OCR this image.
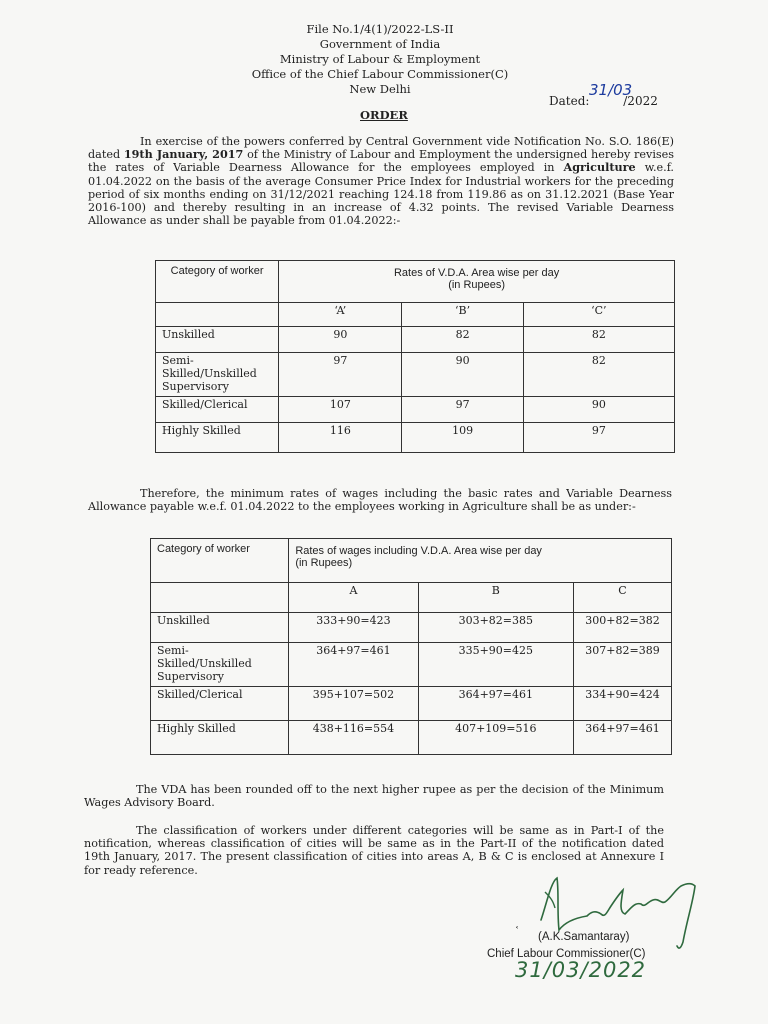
File No.1/4(1)/2022-LS-II
Government of India
Ministry of Labour & Employment
Office of the Chief Labour Commissioner(C)
New Delhi
ORDER
Dated:	/2022
31/03
In exercise of the powers conferred by Central Government vide Notification No. S.O. 186(E) dated 19th January, 2017 of the Ministry of Labour and Employment the undersigned hereby revises the rates of Variable Dearness Allowance for the employees employed in Agriculture w.e.f. 01.04.2022 on the basis of the average Consumer Price Index for Industrial workers for the preceding period of six months ending on 31/12/2021 reaching 124.18 from 119.86 as on 31.12.2021 (Base Year 2016-100) and thereby resulting in an increase of 4.32 points. The revised Variable Dearness Allowance as under shall be payable from 01.04.2022:-
Category of worker	Rates of V.D.A. Area wise per day
(in Rupees)		

	‘A’	‘B’	‘C’
Unskilled	90	82	82
Semi-Skilled/Unskilled Supervisory	97	90	82
Skilled/Clerical	107	97	90
Highly Skilled	116	109	97
Therefore, the minimum rates of wages including the basic rates and Variable Dearness Allowance payable w.e.f. 01.04.2022 to the employees working in Agriculture shall be as under:-
Category of worker	Rates of wages including V.D.A. Area wise per day
(in Rupees)		

	A	B	C
Unskilled	333+90=423	303+82=385	300+82=382
Semi-Skilled/Unskilled Supervisory	364+97=461	335+90=425	307+82=389
Skilled/Clerical	395+107=502	364+97=461	334+90=424
Highly Skilled	438+116=554	407+109=516	364+97=461
The VDA has been rounded off to the next higher rupee as per the decision of the Minimum Wages Advisory Board.
The classification of workers under different categories will be same as in Part-I of the notification, whereas classification of cities will be same as in the Part-II of the notification dated 19th January, 2017. The present classification of cities into areas A, B & C is enclosed at Annexure I for ready reference.
˂
(A.K.Samantaray)
Chief Labour Commissioner(C)
31/03/2022
